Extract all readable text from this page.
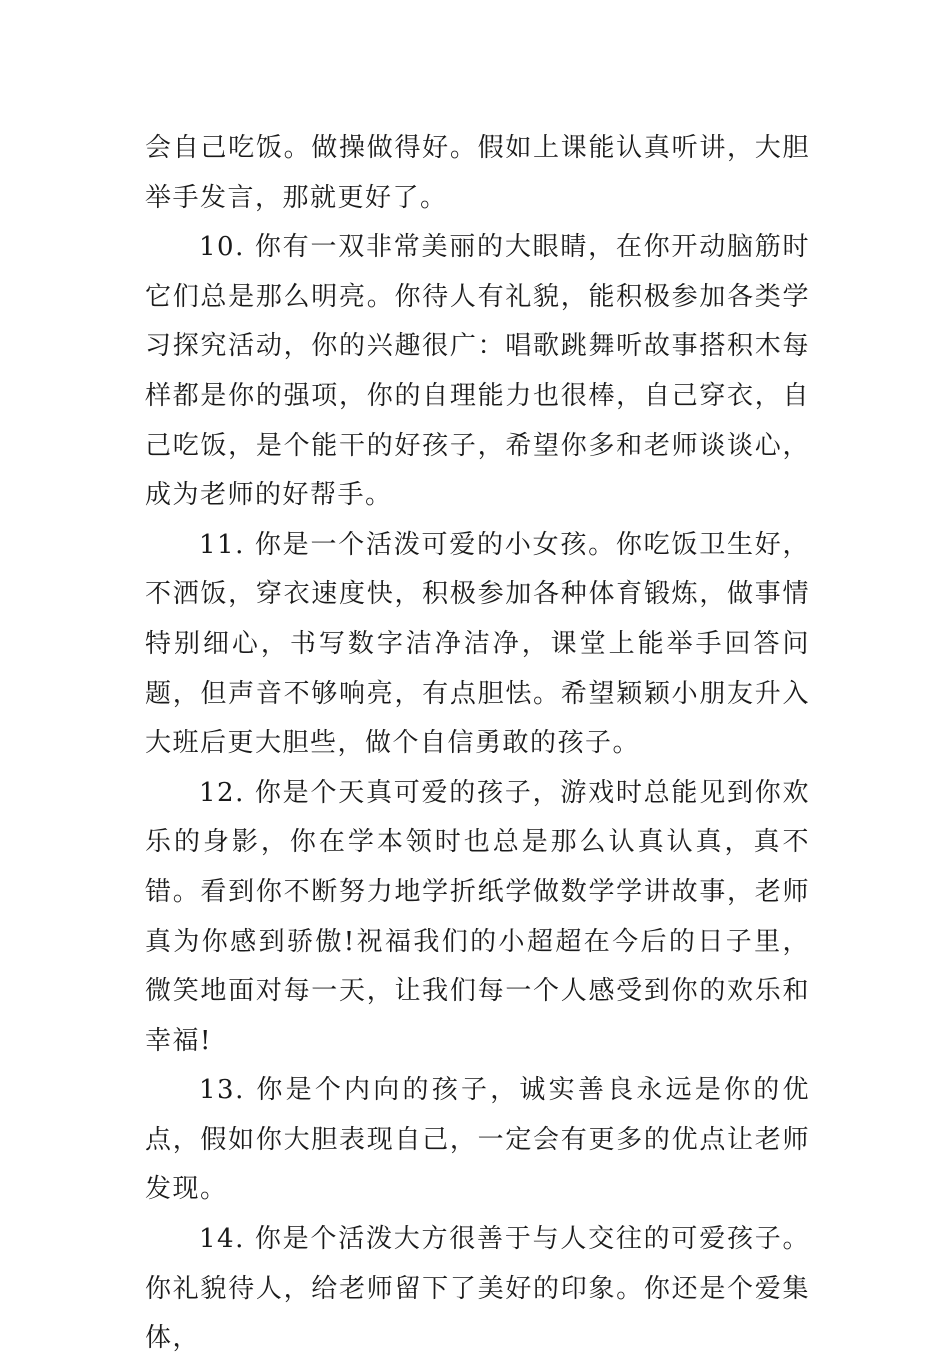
会自己吃饭。做操做得好。假如上课能认真听讲，大胆举手发言，那就更好了。

10. 你有一双非常美丽的大眼睛，在你开动脑筋时它们总是那么明亮。你待人有礼貌，能积极参加各类学习探究活动，你的兴趣很广：唱歌跳舞听故事搭积木每样都是你的强项，你的自理能力也很棒，自己穿衣，自己吃饭，是个能干的好孩子，希望你多和老师谈谈心，成为老师的好帮手。

11. 你是一个活泼可爱的小女孩。你吃饭卫生好，不洒饭，穿衣速度快，积极参加各种体育锻炼，做事情特别细心，书写数字洁净洁净，课堂上能举手回答问题，但声音不够响亮，有点胆怯。希望颖颖小朋友升入大班后更大胆些，做个自信勇敢的孩子。

12. 你是个天真可爱的孩子，游戏时总能见到你欢乐的身影，你在学本领时也总是那么认真认真，真不错。看到你不断努力地学折纸学做数学学讲故事，老师真为你感到骄傲!祝福我们的小超超在今后的日子里，微笑地面对每一天，让我们每一个人感受到你的欢乐和幸福!

13. 你是个内向的孩子，诚实善良永远是你的优点，假如你大胆表现自己，一定会有更多的优点让老师发现。

14. 你是个活泼大方很善于与人交往的可爱孩子。你礼貌待人，给老师留下了美好的印象。你还是个爱集体，
